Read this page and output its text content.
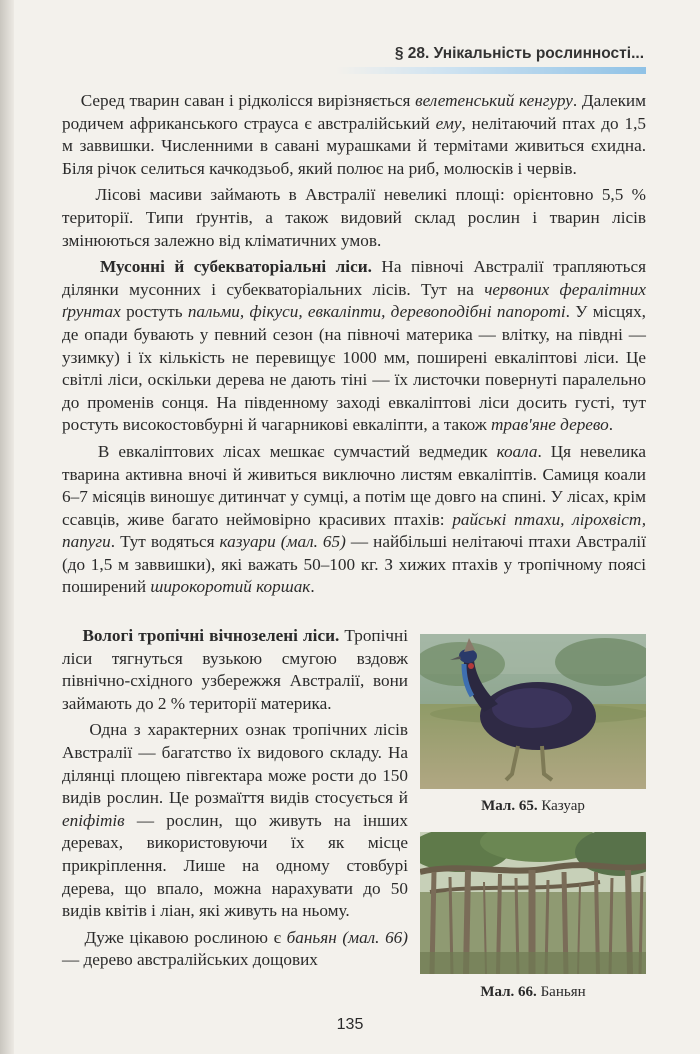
§ 28. Унікальність рослинності...

Серед тварин саван і рідколісся вирізняється велетенський кенгуру. Далеким родичем африканського страуса є австралійський ему, нелітаючий птах до 1,5 м заввишки. Численними в савані мурашками й термітами живиться єхидна. Біля річок селиться качкодзьоб, який полює на риб, молюсків і червів.

Лісові масиви займають в Австралії невеликі площі: орієнтовно 5,5 % території. Типи ґрунтів, а також видовий склад рослин і тварин лісів змінюються залежно від кліматичних умов.

Мусонні й субекваторіальні ліси. На півночі Австралії трапляються ділянки мусонних і субекваторіальних лісів. Тут на червоних фералітних ґрунтах ростуть пальми, фікуси, евкаліпти, деревоподібні папороті. У місцях, де опади бувають у певний сезон (на півночі материка — влітку, на півдні — узимку) і їх кількість не перевищує 1000 мм, поширені евкаліптові ліси. Це світлі ліси, оскільки дерева не дають тіні — їх листочки повернуті паралельно до променів сонця. На південному заході евкаліптові ліси досить густі, тут ростуть високостовбурні й чагарникові евкаліпти, а також трав'яне дерево.

В евкаліптових лісах мешкає сумчастий ведмедик коала. Ця невелика тварина активна вночі й живиться виключно листям евкаліптів. Самиця коали 6–7 місяців виношує дитинчат у сумці, а потім ще довго на спині. У лісах, крім ссавців, живе багато неймовірно красивих птахів: райські птахи, лірохвіст, папуги. Тут водяться казуари (мал. 65) — найбільші нелітаючі птахи Австралії (до 1,5 м заввишки), які важать 50–100 кг. З хижих птахів у тропічному поясі поширений широкоротий коршак.

Вологі тропічні вічнозелені ліси. Тропічні ліси тягнуться вузькою смугою вздовж північно-східного узбережжя Австралії, вони займають до 2 % території материка.

Одна з характерних ознак тропічних лісів Австралії — багатство їх видового складу. На ділянці площею півгектара може рости до 150 видів рослин. Це розмаїття видів стосується й епіфітів — рослин, що живуть на інших деревах, використовуючи їх як місце прикріплення. Лише на одному стовбурі дерева, що впало, можна нарахувати до 50 видів квітів і ліан, які живуть на ньому.

Дуже цікавою рослиною є баньян (мал. 66) — дерево австралійських дощових

Мал. 65. Казуар
Мал. 66. Баньян
135
